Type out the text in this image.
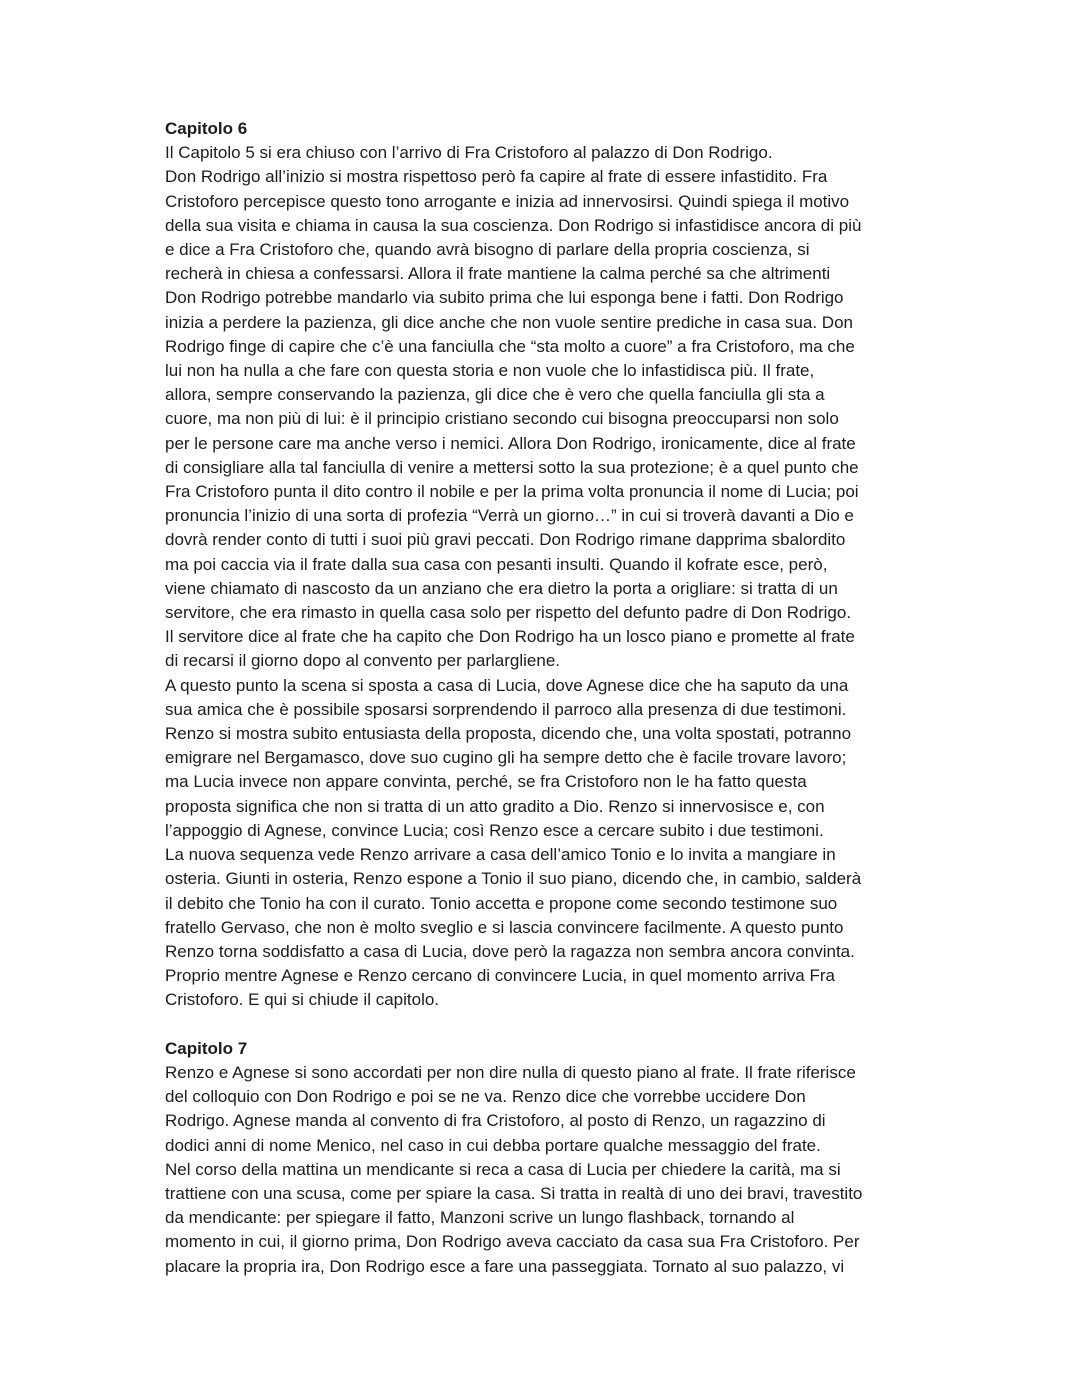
Capitolo 6
Il Capitolo 5 si era chiuso con l’arrivo di Fra Cristoforo al palazzo di Don Rodrigo.
Don Rodrigo all’inizio si mostra rispettoso però fa capire al frate di essere infastidito. Fra
Cristoforo percepisce questo tono arrogante e inizia ad innervosirsi. Quindi spiega il motivo
della sua visita e chiama in causa la sua coscienza. Don Rodrigo si infastidisce ancora di più
e dice a Fra Cristoforo che, quando avrà bisogno di parlare della propria coscienza, si
recherà in chiesa a confessarsi. Allora il frate mantiene la calma perché sa che altrimenti
Don Rodrigo potrebbe mandarlo via subito prima che lui esponga bene i fatti. Don Rodrigo
inizia a perdere la pazienza, gli dice anche che non vuole sentire prediche in casa sua. Don
Rodrigo finge di capire che c’è una fanciulla che “sta molto a cuore” a fra Cristoforo, ma che
lui non ha nulla a che fare con questa storia e non vuole che lo infastidisca più. Il frate,
allora, sempre conservando la pazienza, gli dice che è vero che quella fanciulla gli sta a
cuore, ma non più di lui: è il principio cristiano secondo cui bisogna preoccuparsi non solo
per le persone care ma anche verso i nemici. Allora Don Rodrigo, ironicamente, dice al frate
di consigliare alla tal fanciulla di venire a mettersi sotto la sua protezione; è a quel punto che
Fra Cristoforo punta il dito contro il nobile e per la prima volta pronuncia il nome di Lucia; poi
pronuncia l’inizio di una sorta di profezia “Verrà un giorno…” in cui si troverà davanti a Dio e
dovrà render conto di tutti i suoi più gravi peccati. Don Rodrigo rimane dapprima sbalordito
ma poi caccia via il frate dalla sua casa con pesanti insulti. Quando il kofrate esce, però,
viene chiamato di nascosto da un anziano che era dietro la porta a origliare: si tratta di un
servitore, che era rimasto in quella casa solo per rispetto del defunto padre di Don Rodrigo.
Il servitore dice al frate che ha capito che Don Rodrigo ha un losco piano e promette al frate
di recarsi il giorno dopo al convento per parlargliene.
A questo punto la scena si sposta a casa di Lucia, dove Agnese dice che ha saputo da una
sua amica che è possibile sposarsi sorprendendo il parroco alla presenza di due testimoni.
Renzo si mostra subito entusiasta della proposta, dicendo che, una volta spostati, potranno
emigrare nel Bergamasco, dove suo cugino gli ha sempre detto che è facile trovare lavoro;
ma Lucia invece non appare convinta, perché, se fra Cristoforo non le ha fatto questa
proposta significa che non si tratta di un atto gradito a Dio. Renzo si innervosisce e, con
l’appoggio di Agnese, convince Lucia; così Renzo esce a cercare subito i due testimoni.
La nuova sequenza vede Renzo arrivare a casa dell’amico Tonio e lo invita a mangiare in
osteria. Giunti in osteria, Renzo espone a Tonio il suo piano, dicendo che, in cambio, salderà
il debito che Tonio ha con il curato. Tonio accetta e propone come secondo testimone suo
fratello Gervaso, che non è molto sveglio e si lascia convincere facilmente. A questo punto
Renzo torna soddisfatto a casa di Lucia, dove però la ragazza non sembra ancora convinta.
Proprio mentre Agnese e Renzo cercano di convincere Lucia, in quel momento arriva Fra
Cristoforo. E qui si chiude il capitolo.
Capitolo 7
Renzo e Agnese si sono accordati per non dire nulla di questo piano al frate. Il frate riferisce
del colloquio con Don Rodrigo e poi se ne va. Renzo dice che vorrebbe uccidere Don
Rodrigo. Agnese manda al convento di fra Cristoforo, al posto di Renzo, un ragazzino di
dodici anni di nome Menico, nel caso in cui debba portare qualche messaggio del frate.
Nel corso della mattina un mendicante si reca a casa di Lucia per chiedere la carità, ma si
trattiene con una scusa, come per spiare la casa. Si tratta in realtà di uno dei bravi, travestito
da mendicante: per spiegare il fatto, Manzoni scrive un lungo flashback, tornando al
momento in cui, il giorno prima, Don Rodrigo aveva cacciato da casa sua Fra Cristoforo. Per
placare la propria ira, Don Rodrigo esce a fare una passeggiata. Tornato al suo palazzo, vi
